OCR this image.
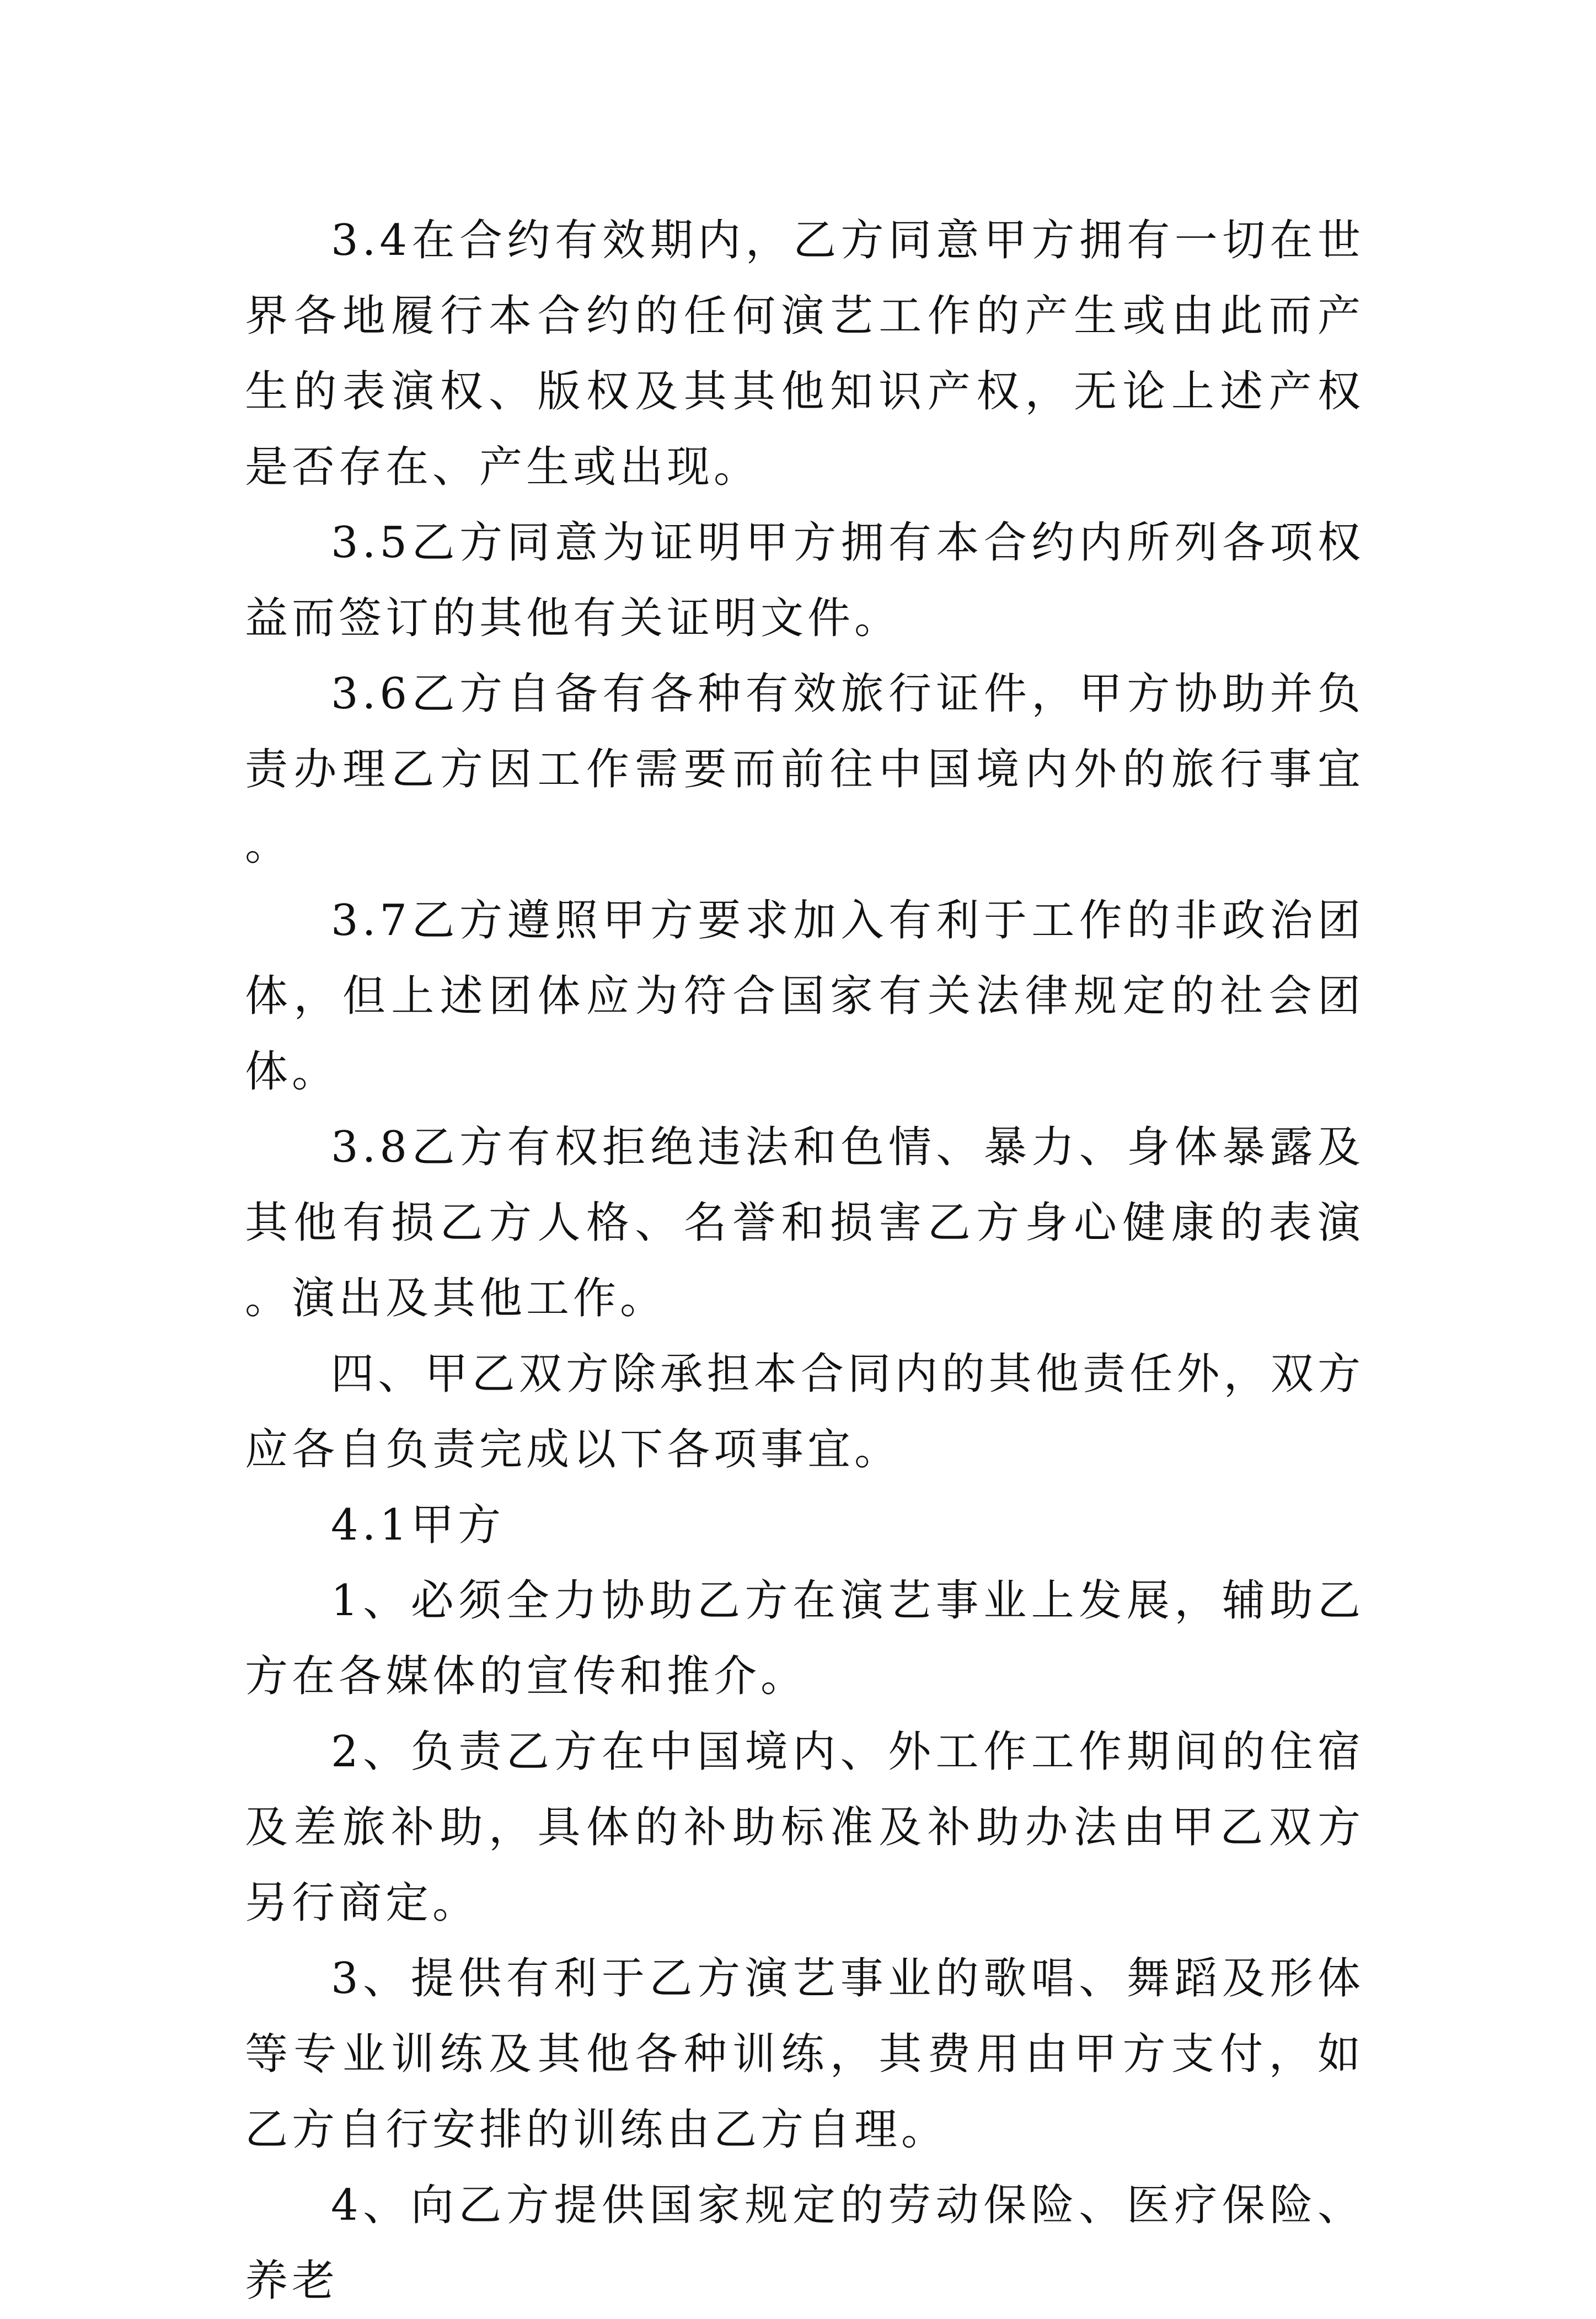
3.4在合约有效期内，乙方同意甲方拥有一切在世界各地履行本合约的任何演艺工作的产生或由此而产生的表演权、版权及其其他知识产权，无论上述产权是否存在、产生或出现。

3.5乙方同意为证明甲方拥有本合约内所列各项权益而签订的其他有关证明文件。

3.6乙方自备有各种有效旅行证件，甲方协助并负责办理乙方因工作需要而前往中国境内外的旅行事宜。

3.7乙方遵照甲方要求加入有利于工作的非政治团体，但上述团体应为符合国家有关法律规定的社会团体。

3.8乙方有权拒绝违法和色情、暴力、身体暴露及其他有损乙方人格、名誉和损害乙方身心健康的表演。演出及其他工作。

四、甲乙双方除承担本合同内的其他责任外，双方应各自负责完成以下各项事宜。

4.1甲方

1、必须全力协助乙方在演艺事业上发展，辅助乙方在各媒体的宣传和推介。

2、负责乙方在中国境内、外工作工作期间的住宿及差旅补助，具体的补助标准及补助办法由甲乙双方另行商定。

3、提供有利于乙方演艺事业的歌唱、舞蹈及形体等专业训练及其他各种训练，其费用由甲方支付，如乙方自行安排的训练由乙方自理。

4、向乙方提供国家规定的劳动保险、医疗保险、养老
